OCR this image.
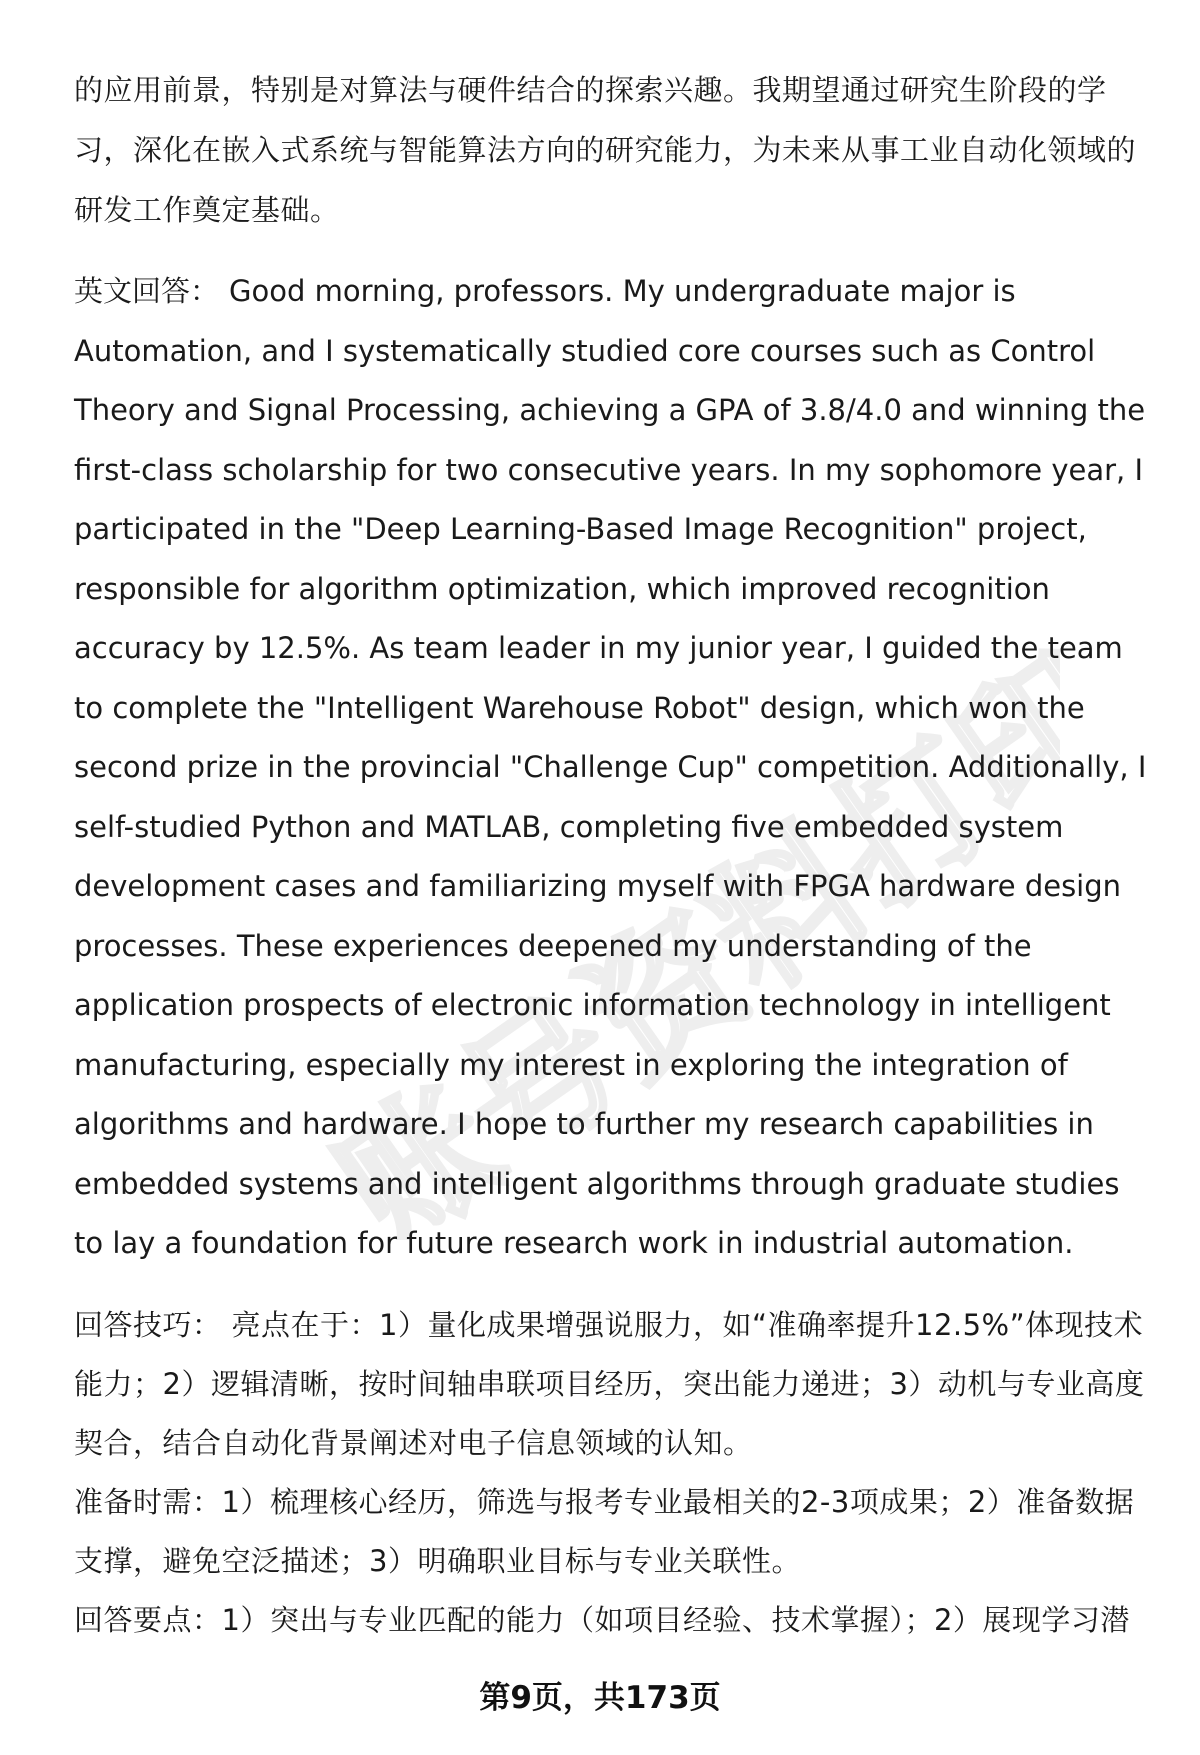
账号资料打印

的应用前景，特别是对算法与硬件结合的探索兴趣。我期望通过研究生阶段的学习，深化在嵌入式系统与智能算法方向的研究能力，为未来从事工业自动化领域的研发工作奠定基础。

英文回答： Good morning, professors. My undergraduate major is Automation, and I systematically studied core courses such as Control Theory and Signal Processing, achieving a GPA of 3.8/4.0 and winning the first-class scholarship for two consecutive years. In my sophomore year, I participated in the "Deep Learning-Based Image Recognition" project, responsible for algorithm optimization, which improved recognition accuracy by 12.5%. As team leader in my junior year, I guided the team to complete the "Intelligent Warehouse Robot" design, which won the second prize in the provincial "Challenge Cup" competition. Additionally, I self-studied Python and MATLAB, completing five embedded system development cases and familiarizing myself with FPGA hardware design processes. These experiences deepened my understanding of the application prospects of electronic information technology in intelligent manufacturing, especially my interest in exploring the integration of algorithms and hardware. I hope to further my research capabilities in embedded systems and intelligent algorithms through graduate studies to lay a foundation for future research work in industrial automation.

回答技巧： 亮点在于：1）量化成果增强说服力，如“准确率提升12.5%”体现技术能力；2）逻辑清晰，按时间轴串联项目经历，突出能力递进；3）动机与专业高度契合，结合自动化背景阐述对电子信息领域的认知。

准备时需：1）梳理核心经历，筛选与报考专业最相关的2-3项成果；2）准备数据支撑，避免空泛描述；3）明确职业目标与专业关联性。

回答要点：1）突出与专业匹配的能力（如项目经验、技术掌握）；2）展现学习潜

第9页，共173页
